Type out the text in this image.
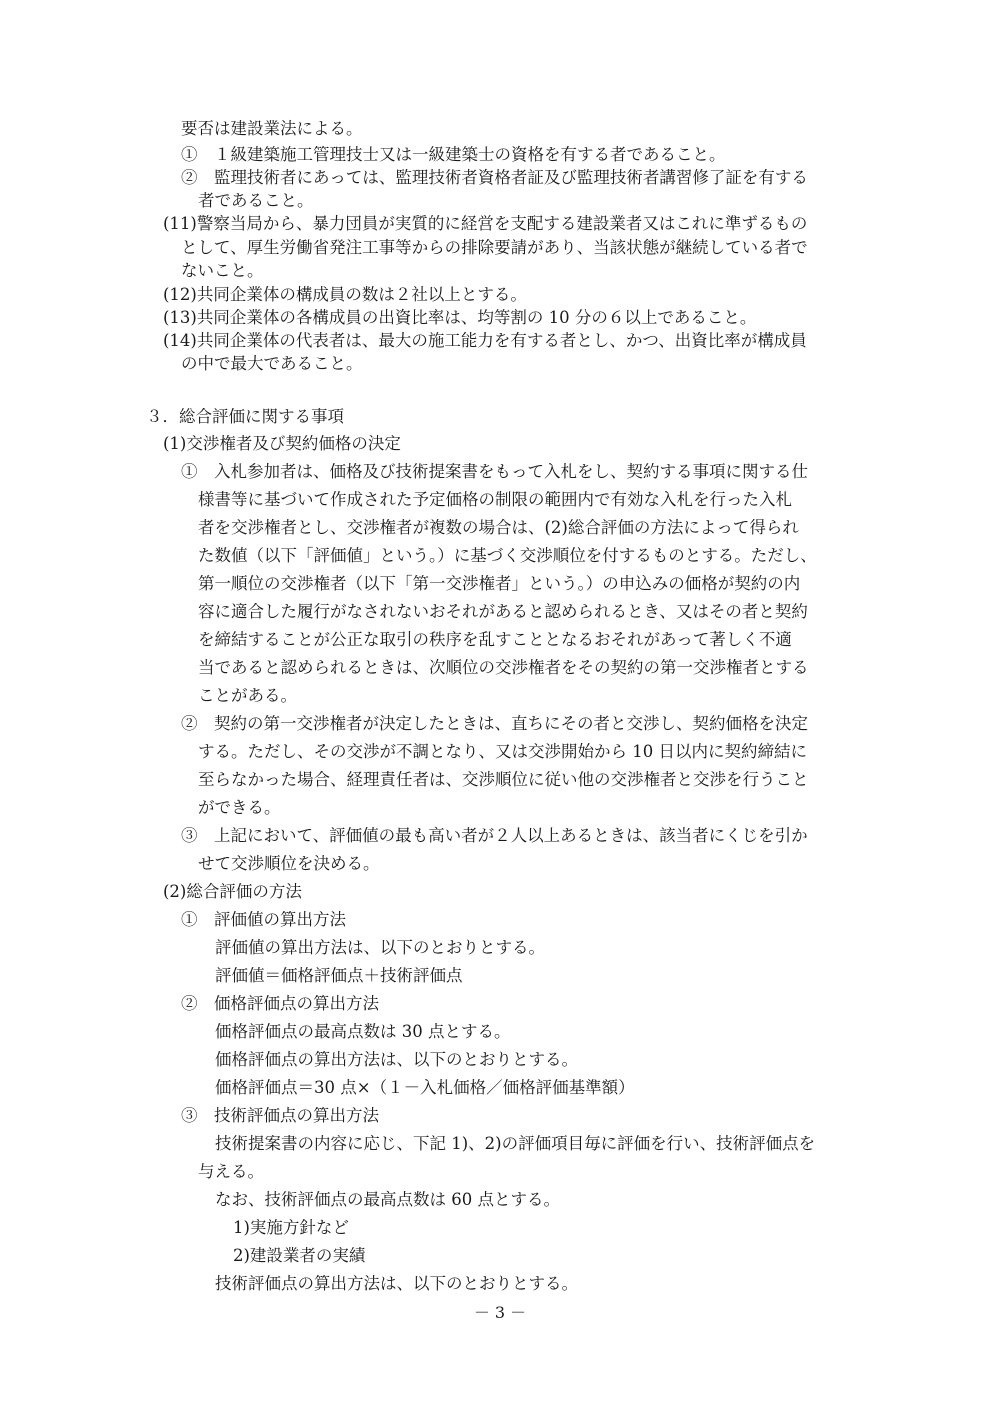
要否は建設業法による。
①　１級建築施工管理技士又は一級建築士の資格を有する者であること。
②　監理技術者にあっては、監理技術者資格者証及び監理技術者講習修了証を有する
者であること。
(11)警察当局から、暴力団員が実質的に経営を支配する建設業者又はこれに準ずるもの
として、厚生労働省発注工事等からの排除要請があり、当該状態が継続している者で
ないこと。
(12)共同企業体の構成員の数は２社以上とする。
(13)共同企業体の各構成員の出資比率は、均等割の 10 分の６以上であること。
(14)共同企業体の代表者は、最大の施工能力を有する者とし、かつ、出資比率が構成員
の中で最大であること。
３．総合評価に関する事項
(1)交渉権者及び契約価格の決定
①　入札参加者は、価格及び技術提案書をもって入札をし、契約する事項に関する仕
様書等に基づいて作成された予定価格の制限の範囲内で有効な入札を行った入札
者を交渉権者とし、交渉権者が複数の場合は、(2)総合評価の方法によって得られ
た数値（以下「評価値」という。）に基づく交渉順位を付するものとする。ただし、
第一順位の交渉権者（以下「第一交渉権者」という。）の申込みの価格が契約の内
容に適合した履行がなされないおそれがあると認められるとき、又はその者と契約
を締結することが公正な取引の秩序を乱すこととなるおそれがあって著しく不適
当であると認められるときは、次順位の交渉権者をその契約の第一交渉権者とする
ことがある。
②　契約の第一交渉権者が決定したときは、直ちにその者と交渉し、契約価格を決定
する。ただし、その交渉が不調となり、又は交渉開始から 10 日以内に契約締結に
至らなかった場合、経理責任者は、交渉順位に従い他の交渉権者と交渉を行うこと
ができる。
③　上記において、評価値の最も高い者が２人以上あるときは、該当者にくじを引か
せて交渉順位を決める。
(2)総合評価の方法
①　評価値の算出方法
評価値の算出方法は、以下のとおりとする。
評価値＝価格評価点＋技術評価点
②　価格評価点の算出方法
価格評価点の最高点数は 30 点とする。
価格評価点の算出方法は、以下のとおりとする。
価格評価点＝30 点×（１－入札価格／価格評価基準額）
③　技術評価点の算出方法
技術提案書の内容に応じ、下記 1)、2)の評価項目毎に評価を行い、技術評価点を
与える。
なお、技術評価点の最高点数は 60 点とする。
1)実施方針など
2)建設業者の実績
技術評価点の算出方法は、以下のとおりとする。
－ 3 －
